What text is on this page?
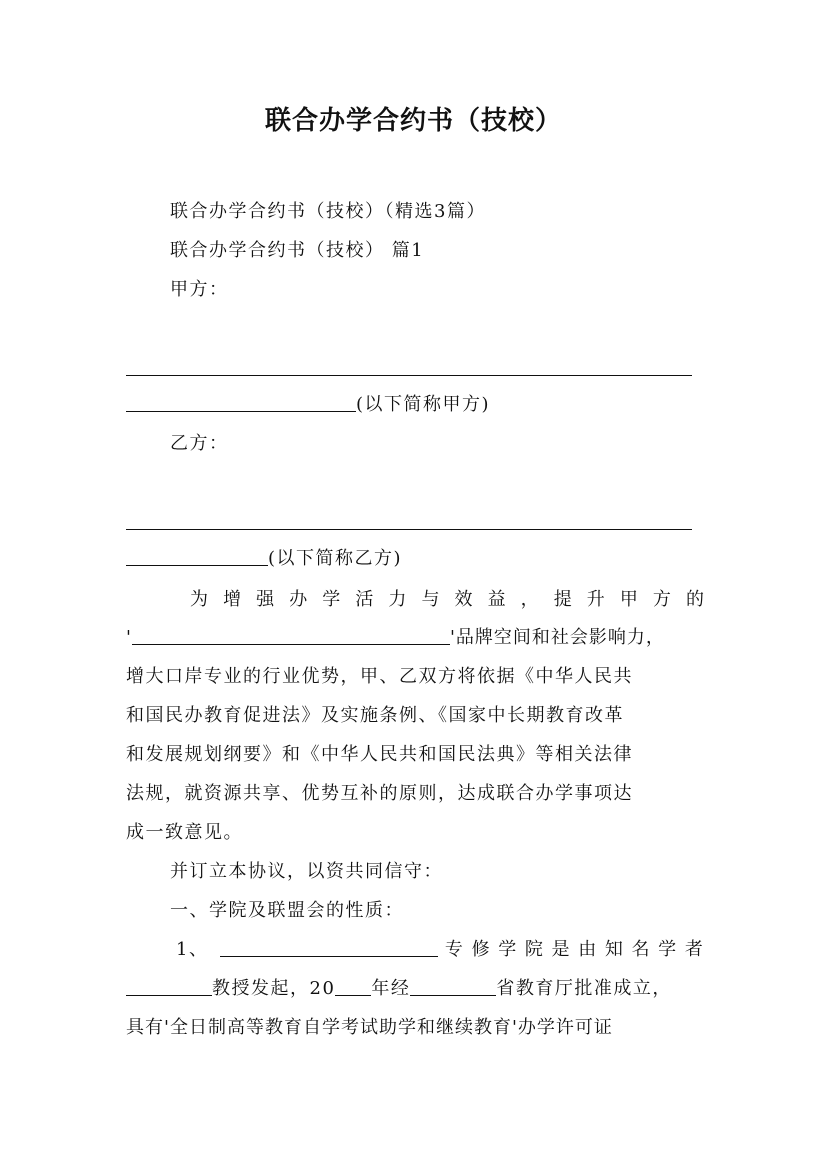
联合办学合约书（技校）
联合办学合约书（技校）（精选3篇）
联合办学合约书（技校） 篇1
甲方：
(以下简称甲方)
乙方：
(以下简称乙方)
为 增 强 办 学 活 力 与 效 益 ， 提 升 甲 方 的
'	'品牌空间和社会影响力，
增大口岸专业的行业优势，甲、乙双方将依据《中华人民共
和国民办教育促进法》及实施条例、《国家中长期教育改革
和发展规划纲要》和《中华人民共和国民法典》等相关法律
法规，就资源共享、优势互补的原则，达成联合办学事项达
成一致意见。
并订立本协议，以资共同信守：
一、学院及联盟会的性质：
1、	专 修 学 院 是 由 知 名 学 者
教授发起，20 年经	省教育厅批准成立，
具有'全日制高等教育自学考试助学和继续教育'办学许可证
